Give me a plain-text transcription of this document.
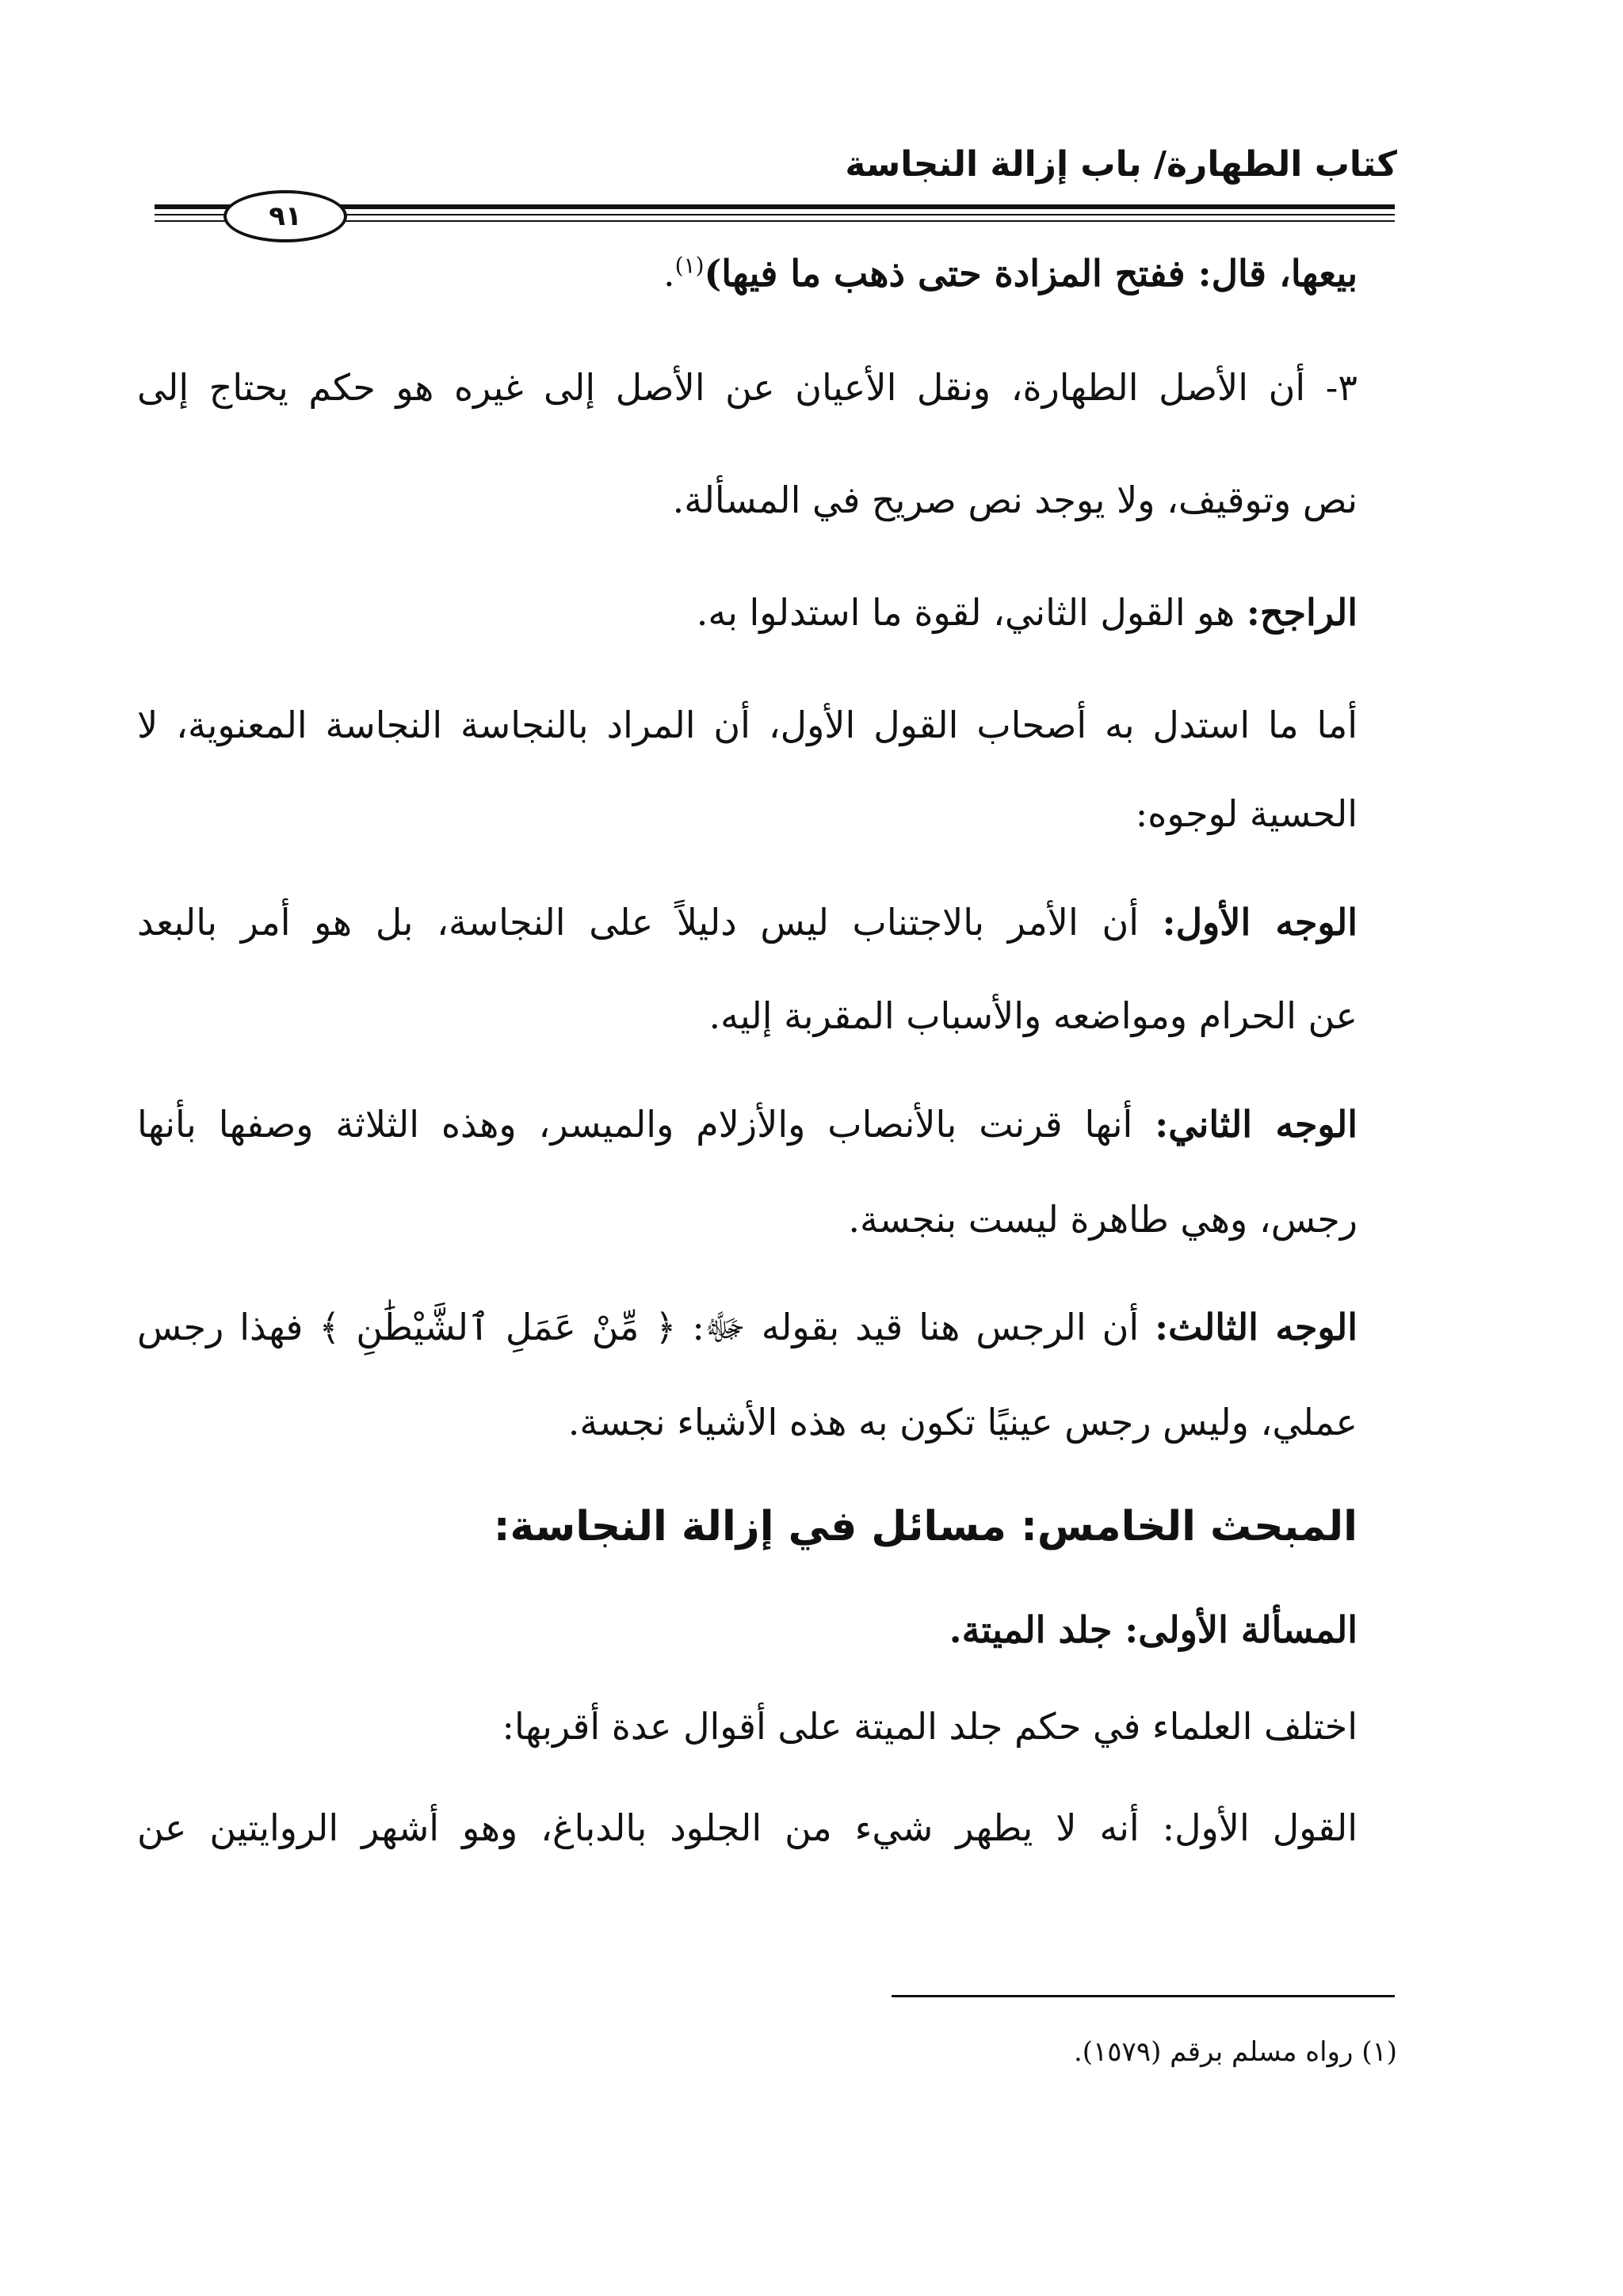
كتاب الطهارة/ باب إزالة النجاسة
٩١
بيعها، قال: ففتح المزادة حتى ذهب ما فيها)$^{(١)}$.
٣- أن الأصل الطهارة، ونقل الأعيان عن الأصل إلى غيره هو حكم يحتاج إلى
نص وتوقيف، ولا يوجد نص صريح في المسألة.
الراجح: هو القول الثاني، لقوة ما استدلوا به.
أما ما استدل به أصحاب القول الأول، أن المراد بالنجاسة النجاسة المعنوية، لا
الحسية لوجوه:
الوجه الأول: أن الأمر بالاجتناب ليس دليلاً على النجاسة، بل هو أمر بالبعد
عن الحرام ومواضعه والأسباب المقربة إليه.
الوجه الثاني: أنها قرنت بالأنصاب والأزلام والميسر، وهذه الثلاثة وصفها بأنها
رجس، وهي طاهرة ليست بنجسة.
الوجه الثالث: أن الرجس هنا قيد بقوله ﷻ: ﴿ مِّنْ عَمَلِ ٱلشَّيْطَٰنِ ﴾ فهذا رجس
عملي، وليس رجس عينيًا تكون به هذه الأشياء نجسة.
المبحث الخامس: مسائل في إزالة النجاسة:
المسألة الأولى: جلد الميتة.
اختلف العلماء في حكم جلد الميتة على أقوال عدة أقربها:
القول الأول: أنه لا يطهر شيء من الجلود بالدباغ، وهو أشهر الروايتين عن
(١) رواه مسلم برقم (١٥٧٩).
